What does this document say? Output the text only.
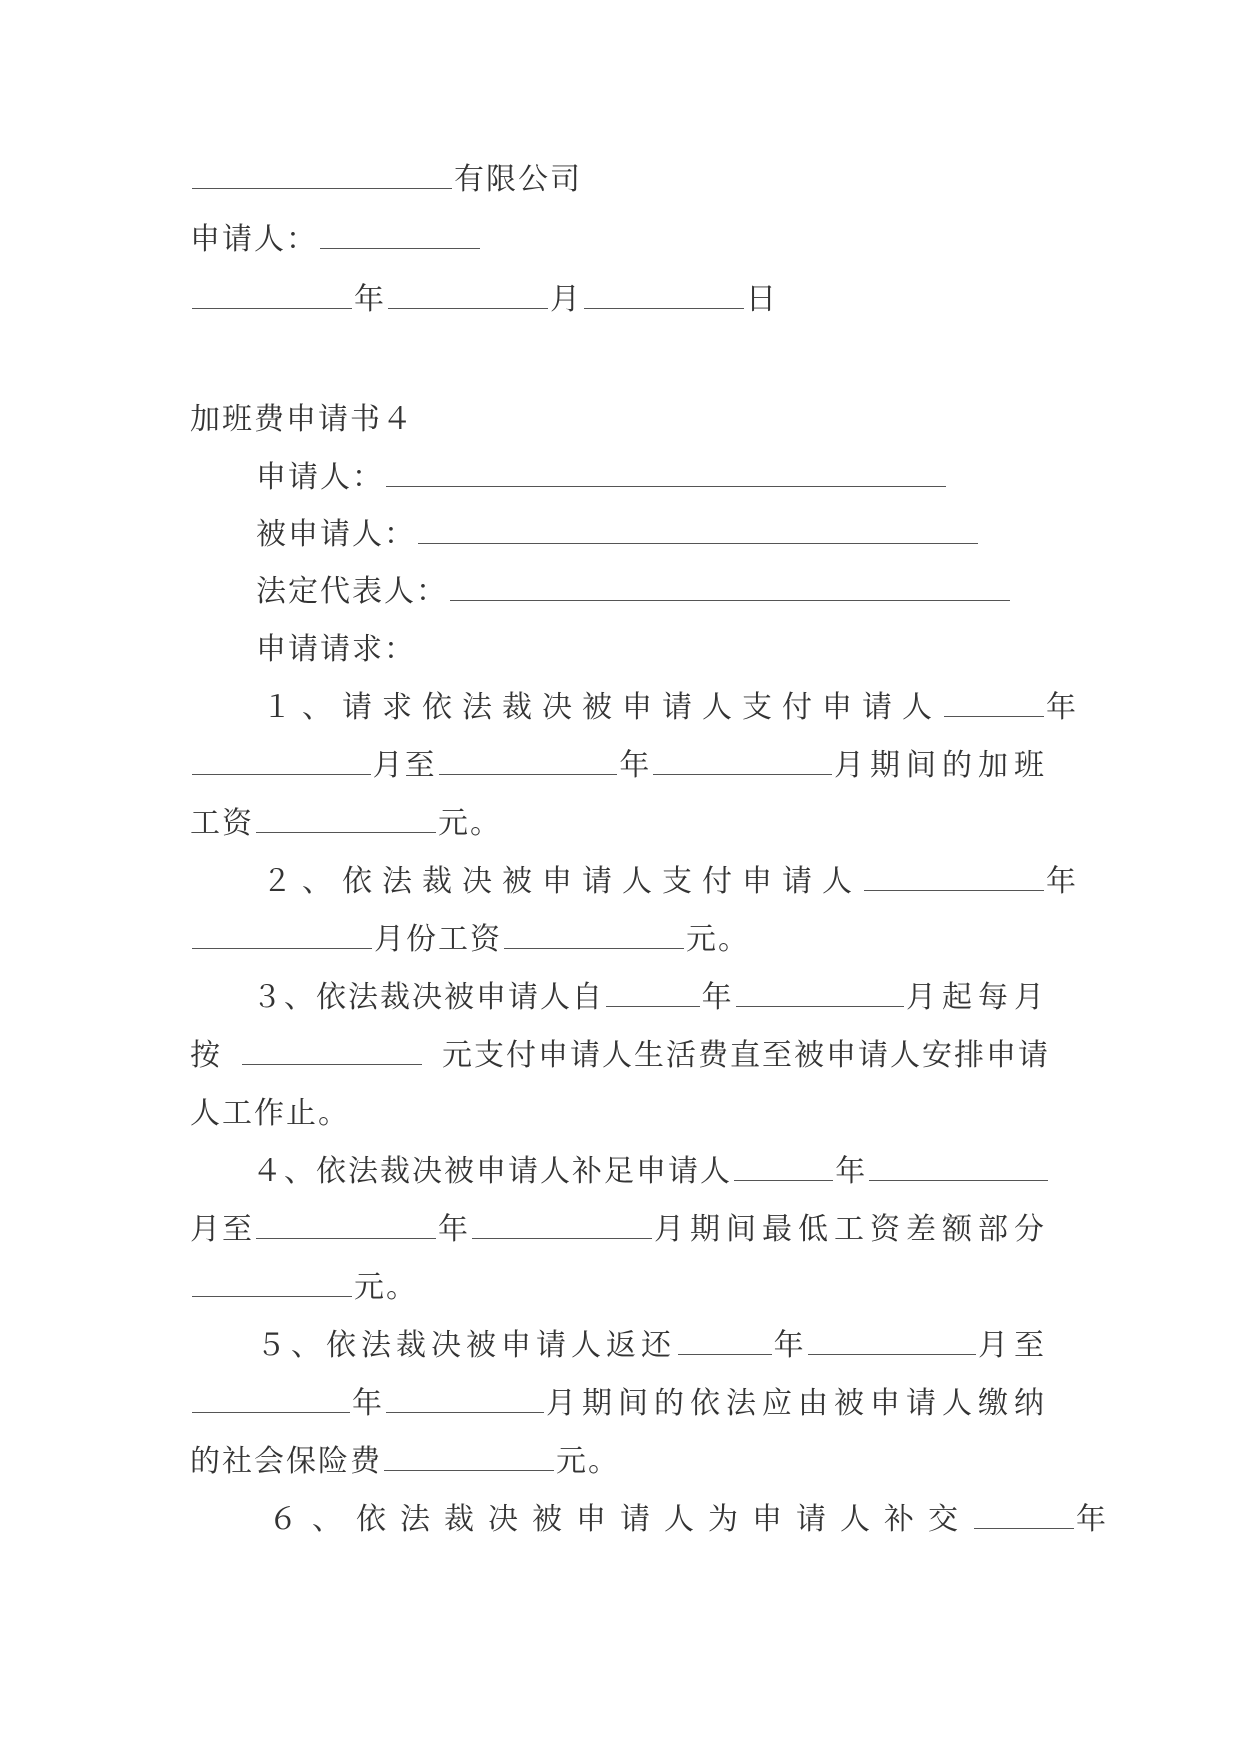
有限公司
申请人：
年	月	日
加班费申请书４
申请人：
被申请人：
法定代表人：
申请请求：
１、请求依法裁决被申请人支付申请人	年
月至	年	月期间的加班
工资	元。
２、依法裁决被申请人支付申请人	年
月份工资	元。
３、依法裁决被申请人自	年	月起每月
按	元支付申请人生活费直至被申请人安排申请
人工作止。
４、依法裁决被申请人补足申请人	年
月至	年	月期间最低工资差额部分
元。
５、依法裁决被申请人返还	年	月至
年	月期间的依法应由被申请人缴纳
的社会保险费	元。
６、依法裁决被申请人为申请人补交	年
